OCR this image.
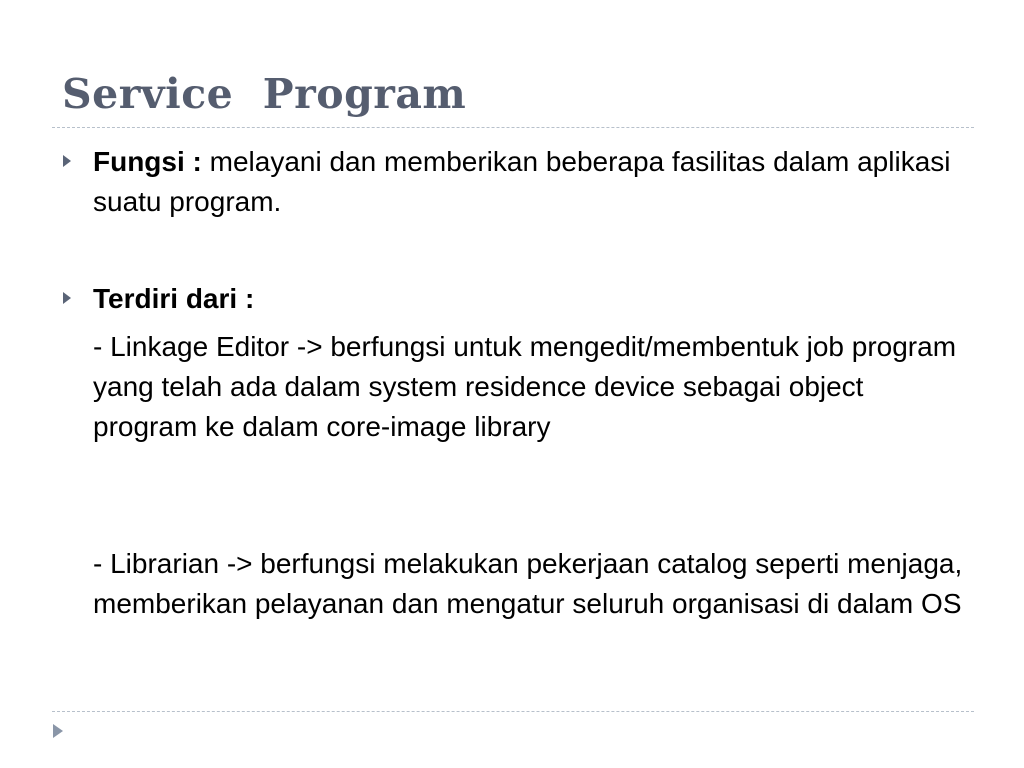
Service  Program
Fungsi : melayani dan memberikan beberapa fasilitas dalam aplikasi suatu program.
Terdiri dari :
- Linkage Editor -> berfungsi untuk mengedit/membentuk job program yang telah ada dalam system residence device sebagai object program ke dalam core-image library
- Librarian -> berfungsi melakukan pekerjaan catalog seperti menjaga, memberikan pelayanan dan mengatur seluruh organisasi di dalam OS
